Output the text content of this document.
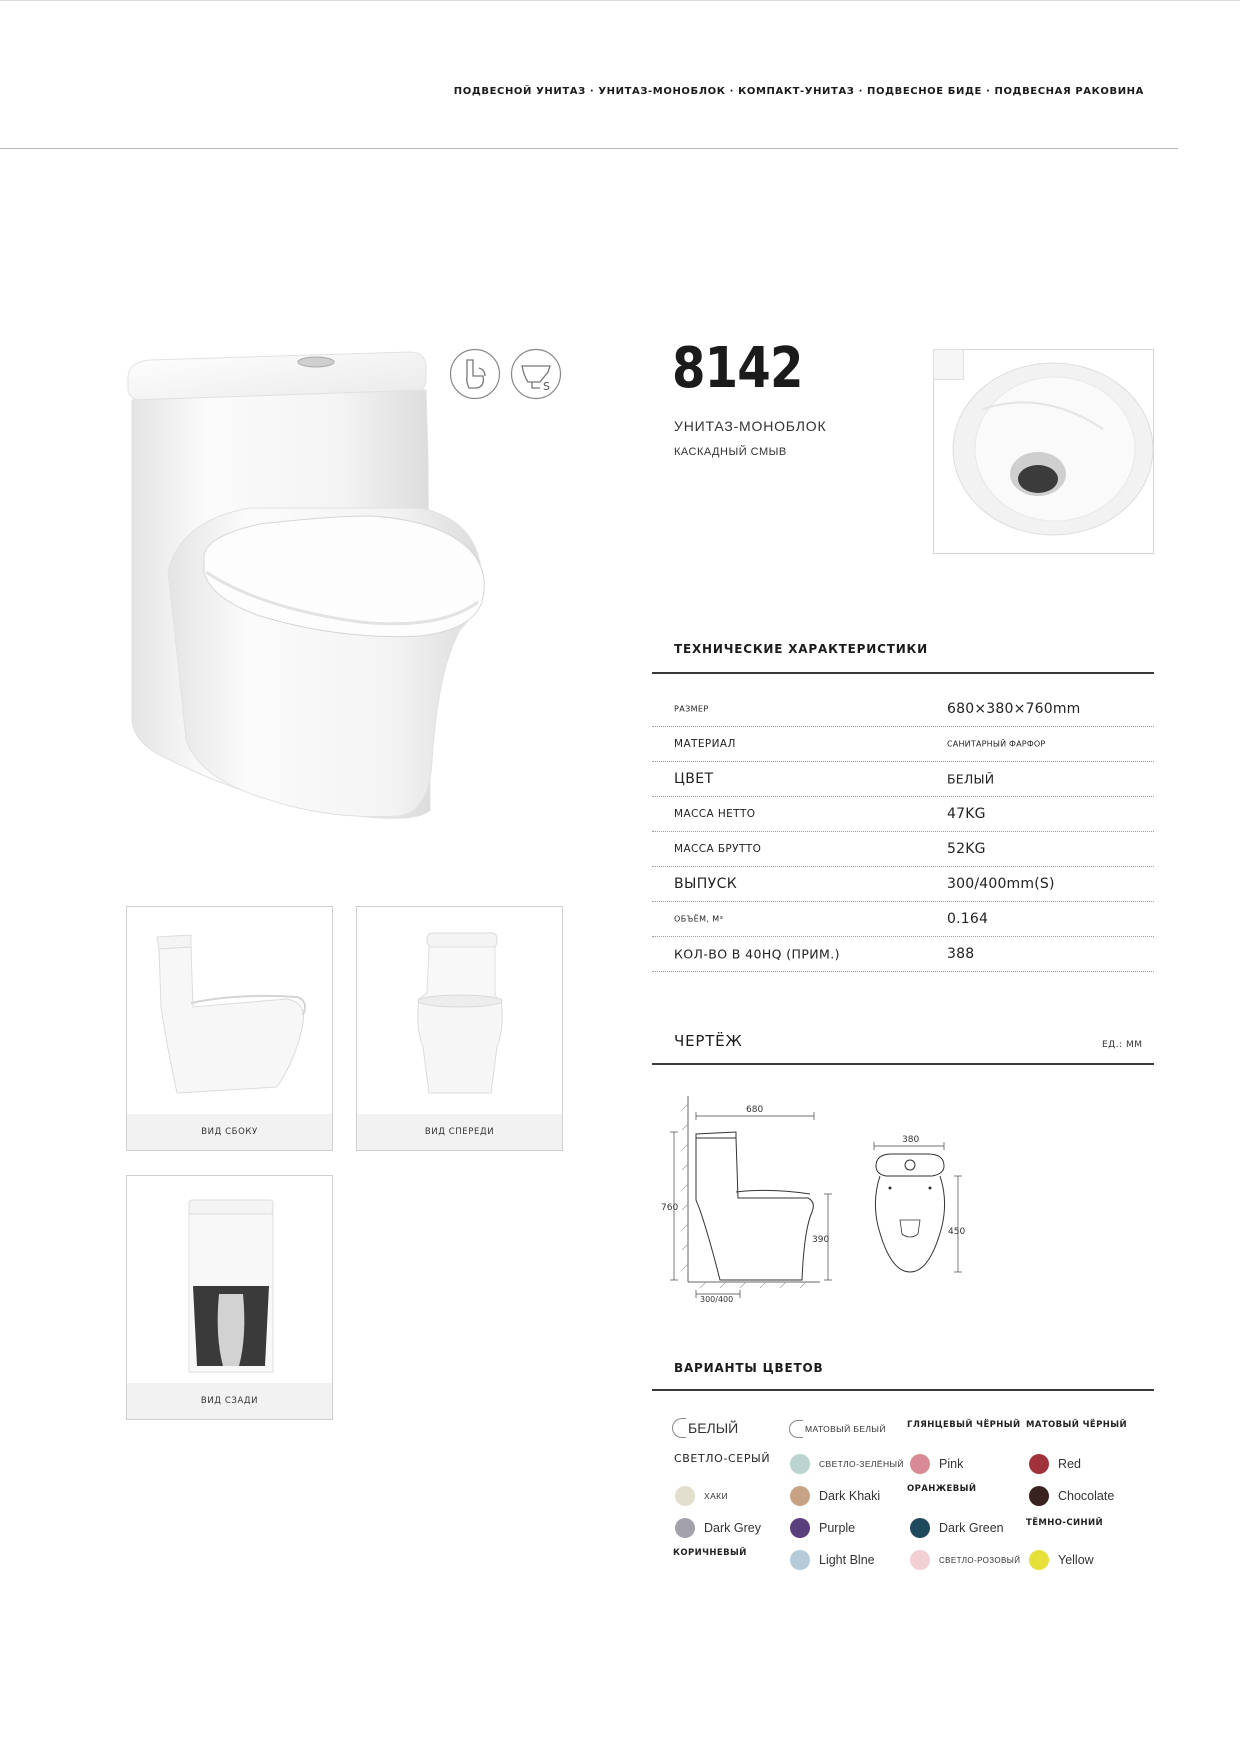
ПОДВЕСНОЙ УНИТАЗ · УНИТАЗ-МОНОБЛОК · КОМПАКТ-УНИТАЗ · ПОДВЕСНОЕ БИДЕ · ПОДВЕСНАЯ РАКОВИНА
S 8142
УНИТАЗ-МОНОБЛОК
КАСКАДНЫЙ СМЫВ
ВИД СБОКУ	ВИД СПЕРЕДИ
ВИД СЗАДИ
ТЕХНИЧЕСКИЕ ХАРАКТЕРИСТИКИ
РАЗМЕР	680×380×760mm
МАТЕРИАЛ	САНИТАРНЫЙ ФАРФОР
ЦВЕТ	БЕЛЫЙ
МАССА НЕТТО	47KG
МАССА БРУТТО	52KG
ВЫПУСК	300/400mm(S)
ОБЪЁМ, М³	0.164
КОЛ-ВО В 40HQ (ПРИМ.)	388
ЧЕРТЁЖ	ЕД.: ММ
680
760
390
300/400
380
450
ВАРИАНТЫ ЦВЕТОВ
БЕЛЫЙ
СВЕТЛО-СЕРЫЙ
ХАКИ
Dark Grey
КОРИЧНЕВЫЙ
МАТОВЫЙ БЕЛЫЙ
СВЕТЛО-ЗЕЛЁНЫЙ
Dark Khaki
Purple
Light Blne
ГЛЯНЦЕВЫЙ ЧЁРНЫЙ
Pink
ОРАНЖЕВЫЙ
Dark Green
СВЕТЛО-РОЗОВЫЙ
МАТОВЫЙ ЧЁРНЫЙ
Red
Chocolate
ТЁМНО-СИНИЙ
Yellow
